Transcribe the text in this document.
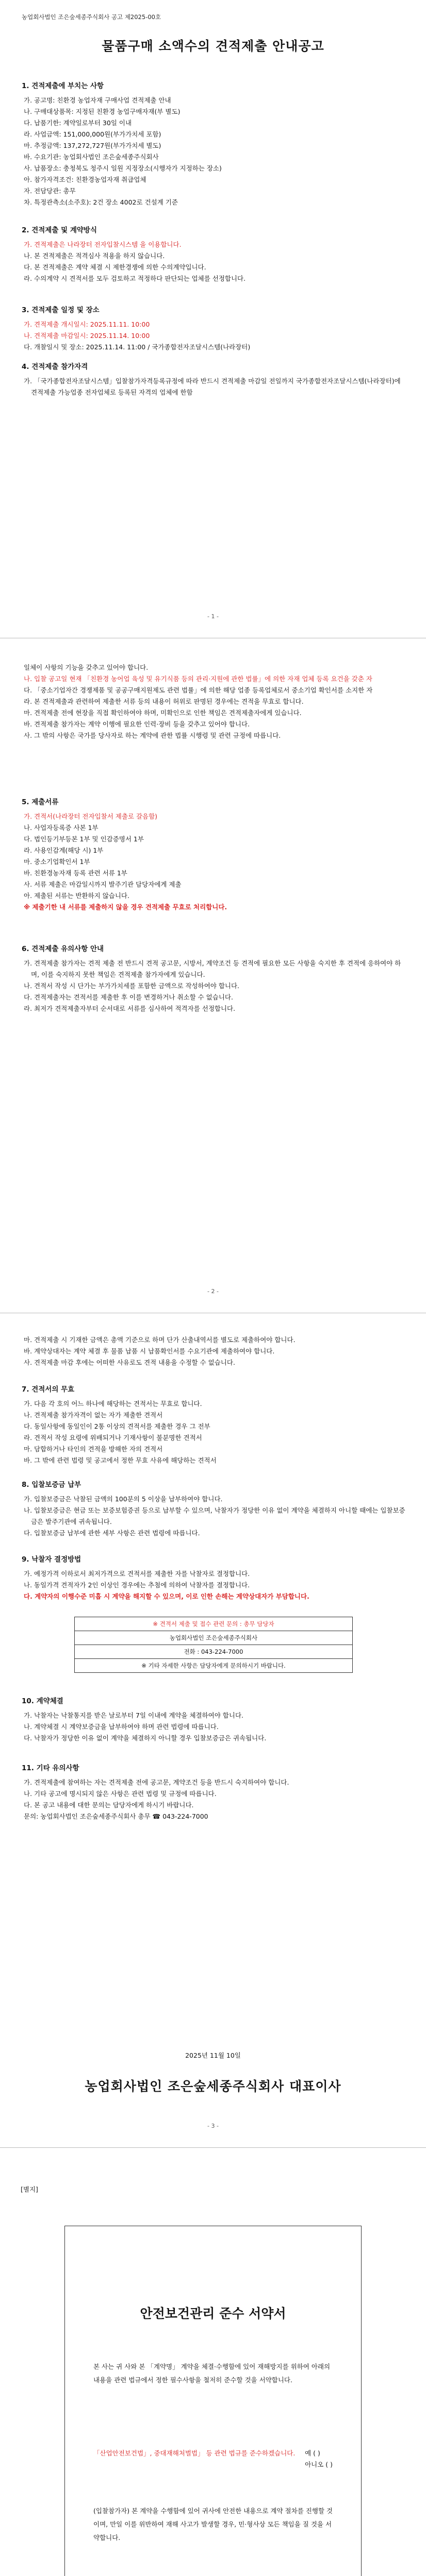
농업회사법인 조은숲세종주식회사 공고 제2025-00호
물품구매 소액수의 견적제출 안내공고
1. 견적제출에 부치는 사항
가. 공고명: 친환경 농업자재 구매사업 견적제출 안내
나. 구매대상품목: 지정된 친환경 농업구매자재(부 별도)
다. 납품기한: 계약일로부터 30일 이내
라. 사업금액: 151,000,000원(부가가치세 포함)
마. 추정금액: 137,272,727원(부가가치세 별도)
바. 수요기관: 농업회사법인 조은숲세종주식회사
사. 납품장소: 충청북도 청주시 일원 지정장소(시행자가 지정하는 장소)
아. 참가자격조건: 친환경농업자재 취급업체
자. 전담당관: 총무
차. 특정관측소(소주호): 2건 장소 4002로 건설계 기준
2. 견적제출 및 계약방식
가. 견적제출은 나라장터 전자입찰시스템 을 이용합니다.
나. 본 견적제출은 적격심사 적용을 하지 않습니다.
다. 본 견적제출은 계약 체결 시 제한경쟁에 의한 수의계약입니다.
라. 수의계약 시 견적서를 모두 검토하고 적정하다 판단되는 업체를 선정합니다.
3. 견적제출 일정 및 장소
가. 견적제출 개시일시: 2025.11.11. 10:00
나. 견적제출 마감일시: 2025.11.14. 10:00
다. 개찰일시 및 장소: 2025.11.14. 11:00 / 국가종합전자조달시스템(나라장터)
4. 견적제출 참가자격
가. 「국가종합전자조달시스템」입찰참가자격등록규정에 따라 반드시 견적제출 마감일 전일까지 국가종합전자조달시스템(나라장터)에 견적제출 가능업종 전자업체로 등록된 자격의 업체에 한함
- 1 -
일체이 사항의 기능을 갖추고 있어야 합니다.
나. 입찰 공고일 현재 「친환경 농어업 육성 및 유기식품 등의 관리·지원에 관한 법률」에 의한 자재 업체 등록 요건을 갖춘 자
다. 「중소기업자간 경쟁제품 및 공공구매지원제도 관련 법률」에 의한 해당 업종 등록업체로서 중소기업 확인서를 소지한 자
라. 본 견적제출과 관련하여 제출한 서류 등의 내용이 허위로 판명된 경우에는 견적을 무효로 합니다.
마. 견적제출 전에 현장을 직접 확인하여야 하며, 미확인으로 인한 책임은 견적제출자에게 있습니다.
바. 견적제출 참가자는 계약 이행에 필요한 인력·장비 등을 갖추고 있어야 합니다.
사. 그 밖의 사항은 국가를 당사자로 하는 계약에 관한 법률 시행령 및 관련 규정에 따릅니다.
5. 제출서류
가. 견적서(나라장터 전자입찰서 제출로 갈음함)
나. 사업자등록증 사본 1부
다. 법인등기부등본 1부 및 인감증명서 1부
라. 사용인감계(해당 시) 1부
마. 중소기업확인서 1부
바. 친환경농자재 등록 관련 서류 1부
사. 서류 제출은 마감일시까지 발주기관 담당자에게 제출
아. 제출된 서류는 반환하지 않습니다.
※ 제출기한 내 서류를 제출하지 않을 경우 견적제출 무효로 처리합니다.
6. 견적제출 유의사항 안내
가. 견적제출 참가자는 견적 제출 전 반드시 견적 공고문, 시방서, 계약조건 등 견적에 필요한 모든 사항을 숙지한 후 견적에 응하여야 하며, 이를 숙지하지 못한 책임은 견적제출 참가자에게 있습니다.
나. 견적서 작성 시 단가는 부가가치세를 포함한 금액으로 작성하여야 합니다.
다. 견적제출자는 견적서를 제출한 후 이를 변경하거나 취소할 수 없습니다.
라. 최저가 견적제출자부터 순서대로 서류를 심사하여 적격자를 선정합니다.
- 2 -
마. 견적제출 시 기재한 금액은 총액 기준으로 하며 단가 산출내역서를 별도로 제출하여야 합니다.
바. 계약상대자는 계약 체결 후 물품 납품 시 납품확인서를 수요기관에 제출하여야 합니다.
사. 견적제출 마감 후에는 어떠한 사유로도 견적 내용을 수정할 수 없습니다.
7. 견적서의 무효
가. 다음 각 호의 어느 하나에 해당하는 견적서는 무효로 합니다.
나. 견적제출 참가자격이 없는 자가 제출한 견적서
다. 동일사항에 동일인이 2통 이상의 견적서를 제출한 경우 그 전부
라. 견적서 작성 요령에 위배되거나 기재사항이 불분명한 견적서
마. 담합하거나 타인의 견적을 방해한 자의 견적서
바. 그 밖에 관련 법령 및 공고에서 정한 무효 사유에 해당하는 견적서
8. 입찰보증금 납부
가. 입찰보증금은 낙찰된 금액의 100분의 5 이상을 납부하여야 합니다.
나. 입찰보증금은 현금 또는 보증보험증권 등으로 납부할 수 있으며, 낙찰자가 정당한 이유 없이 계약을 체결하지 아니할 때에는 입찰보증금은 발주기관에 귀속됩니다.
다. 입찰보증금 납부에 관한 세부 사항은 관련 법령에 따릅니다.
9. 낙찰자 결정방법
가. 예정가격 이하로서 최저가격으로 견적서를 제출한 자를 낙찰자로 결정합니다.
나. 동일가격 견적자가 2인 이상인 경우에는 추첨에 의하여 낙찰자를 결정합니다.
다. 계약자의 이행수준 미흡 시 계약을 해지할 수 있으며, 이로 인한 손해는 계약상대자가 부담합니다.
※ 견적서 제출 및 접수 관련 문의 : 총무 담당자
농업회사법인 조은숲세종주식회사
전화 : 043-224-7000
※ 기타 자세한 사항은 담당자에게 문의하시기 바랍니다.
10. 계약체결
가. 낙찰자는 낙찰통지를 받은 날로부터 7일 이내에 계약을 체결하여야 합니다.
나. 계약체결 시 계약보증금을 납부하여야 하며 관련 법령에 따릅니다.
다. 낙찰자가 정당한 이유 없이 계약을 체결하지 아니할 경우 입찰보증금은 귀속됩니다.
11. 기타 유의사항
가. 견적제출에 참여하는 자는 견적제출 전에 공고문, 계약조건 등을 반드시 숙지하여야 합니다.
나. 기타 공고에 명시되지 않은 사항은 관련 법령 및 규정에 따릅니다.
다. 본 공고 내용에 대한 문의는 담당자에게 하시기 바랍니다.
문의: 농업회사법인 조은숲세종주식회사 총무 ☎ 043-224-7000
2025년 11월 10일
농업회사법인 조은숲세종주식회사 대표이사
- 3 -
[별지]
안전보건관리 준수 서약서
본 사는 귀 사와 본 「계약명」 계약을 체결·수행함에 있어 재해방지를 위하여 아래의 내용을 관련 법규에서 정한 필수사항을 철저히 준수할 것을 서약합니다.
「산업안전보건법」, 중대재해처벌법」 등 관련 법규를 준수하겠습니다.	예 ( )
아니오 ( )
(입찰참가자) 본 계약을 수행함에 있어 귀사에 안전한 내용으로 계약 절차를 진행할 것이며, 만일 이를 위반하여 재해 사고가 발생할 경우, 민·형사상 모든 책임을 질 것을 서약합니다.
